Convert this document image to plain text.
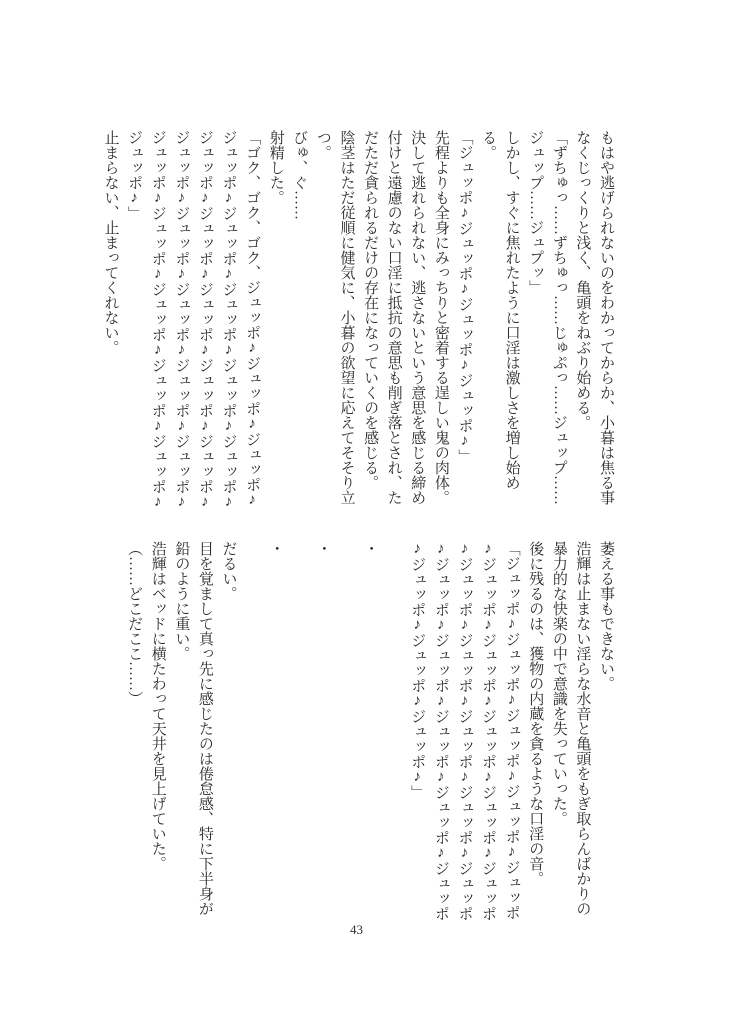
もはや逃げられないのをわかってからか、小暮は焦る事

なくじっくりと浅く、亀頭をねぶり始める。

「ずちゅっ……ずちゅっ……じゅぷっ……ジュップ……

ジュップ……ジュプッ」

しかし、すぐに焦れたように口淫は激しさを増し始め

る。

「ジュッポ♪ジュッポ♪ジュッポ♪ジュッポ♪」

先程よりも全身にみっちりと密着する逞しい鬼の肉体。

決して逃れられない、逃さないという意思を感じる締め

付けと遠慮のない口淫に抵抗の意思も削ぎ落とされ、た

だただ貪られるだけの存在になっていくのを感じる。

陰茎はただ従順に健気に、小暮の欲望に応えてそそり立

つ。

びゅ、ぐ……

射精した。

「ゴク、ゴク、ゴク、ジュッポ♪ジュッポ♪ジュッポ♪

ジュッポ♪ジュッポ♪ジュッポ♪ジュッポ♪ジュッポ♪

ジュッポ♪ジュッポ♪ジュッポ♪ジュッポ♪ジュッポ♪

ジュッポ♪ジュッポ♪ジュッポ♪ジュッポ♪ジュッポ♪

ジュッポ♪ジュッポ♪ジュッポ♪ジュッポ♪ジュッポ♪

ジュッポ♪」

止まらない、止まってくれない。

萎える事もできない。

浩輝は止まない淫らな水音と亀頭をもぎ取らんばかりの

暴力的な快楽の中で意識を失っていった。

後に残るのは、獲物の内蔵を貪るような口淫の音。

「ジュッポ♪ジュッポ♪ジュッポ♪ジュッポ♪ジュッポ

♪ジュッポ♪ジュッポ♪ジュッポ♪ジュッポ♪ジュッポ

♪ジュッポ♪ジュッポ♪ジュッポ♪ジュッポ♪ジュッポ

♪ジュッポ♪ジュッポ♪ジュッポ♪ジュッポ♪ジュッポ

♪ジュッポ♪ジュッポ♪ジュッポ♪」

・

・

・

だるい。

目を覚まして真っ先に感じたのは倦怠感、特に下半身が

鉛のように重い。

浩輝はベッドに横たわって天井を見上げていた。

（……どこだここ……）

43
